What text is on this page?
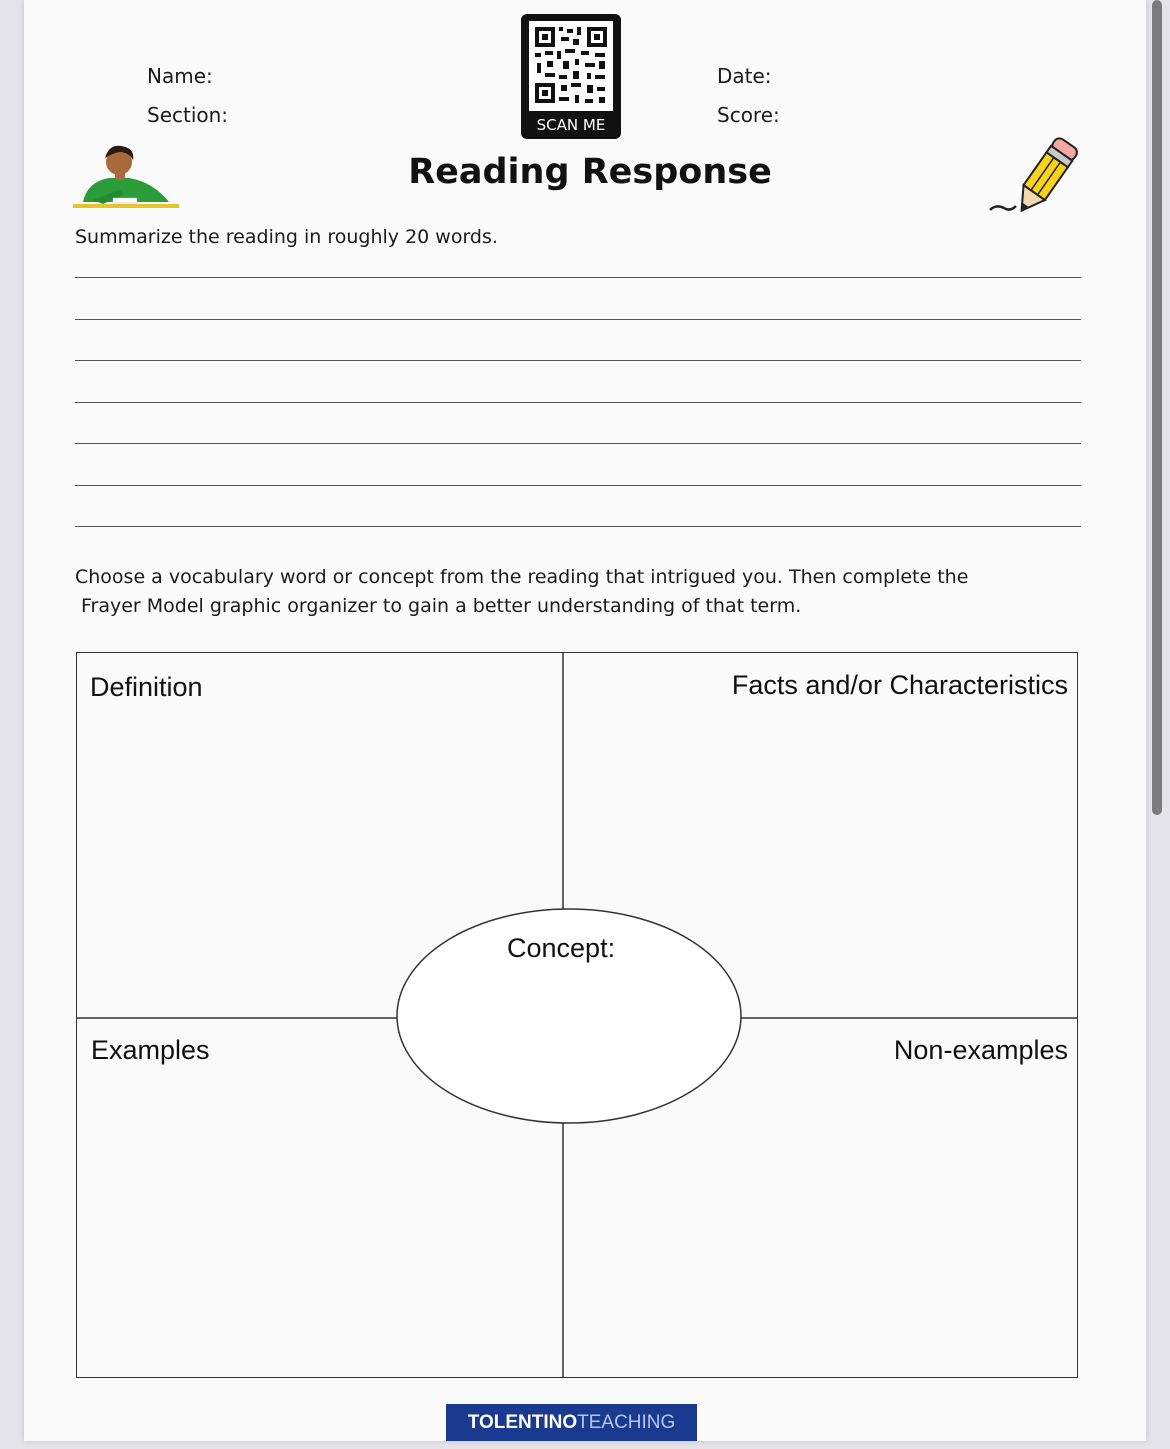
Name:
Section:
Date:
Score:
SCAN ME
Reading Response
Summarize the reading in roughly 20 words.
Choose a vocabulary word or concept from the reading that intrigued you. Then complete the
Frayer Model graphic organizer to gain a better understanding of that term.
Definition	Facts and/or Characteristics
Concept:
Examples	Non-examples
TOLENTINOTEACHING
